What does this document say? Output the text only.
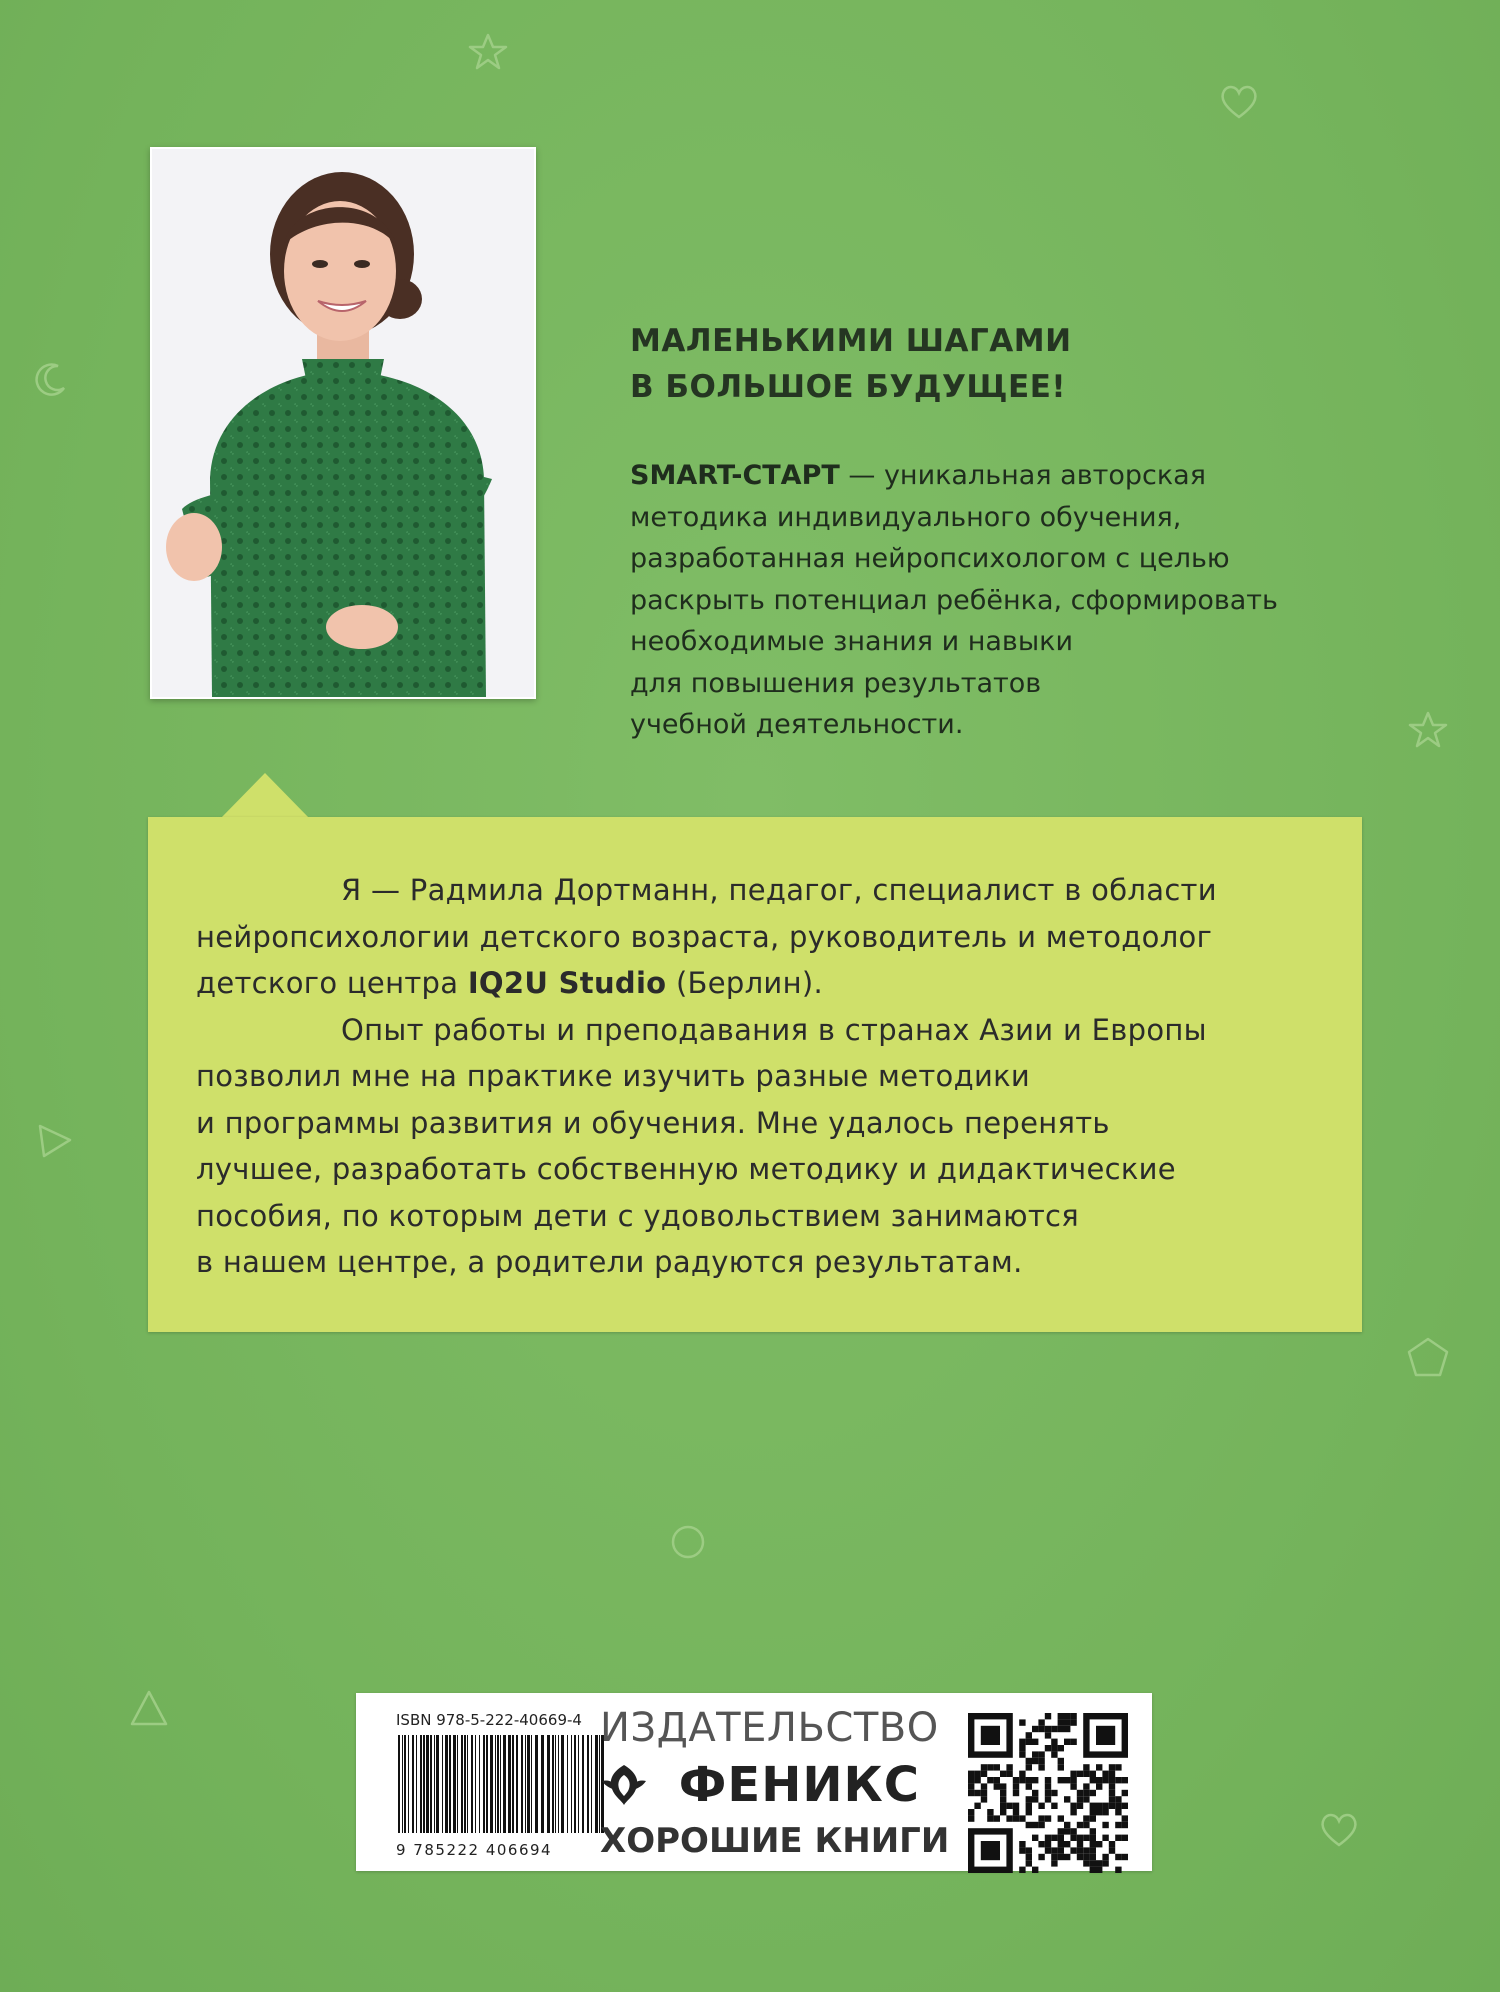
МАЛЕНЬКИМИ ШАГАМИ
В БОЛЬШОЕ БУДУЩЕЕ!
SMART-СТАРТ — уникальная авторская
методика индивидуального обучения,
разработанная нейропсихологом с целью
раскрыть потенциал ребёнка, сформировать
необходимые знания и навыки
для повышения результатов
учебной деятельности.
Я — Радмила Дортманн, педагог, специалист в области
нейропсихологии детского возраста, руководитель и методолог
детского центра IQ2U Studio (Берлин).
Опыт работы и преподавания в странах Азии и Европы
позволил мне на практике изучить разные методики
и программы развития и обучения. Мне удалось перенять
лучшее, разработать собственную методику и дидактические
пособия, по которым дети с удовольствием занимаются
в нашем центре, а родители радуются результатам.
ISBN 978-5-222-40669-4
9 785222 406694
ИЗДАТЕЛЬСТВО
ФЕНИКС
ХОРОШИЕ КНИГИ
